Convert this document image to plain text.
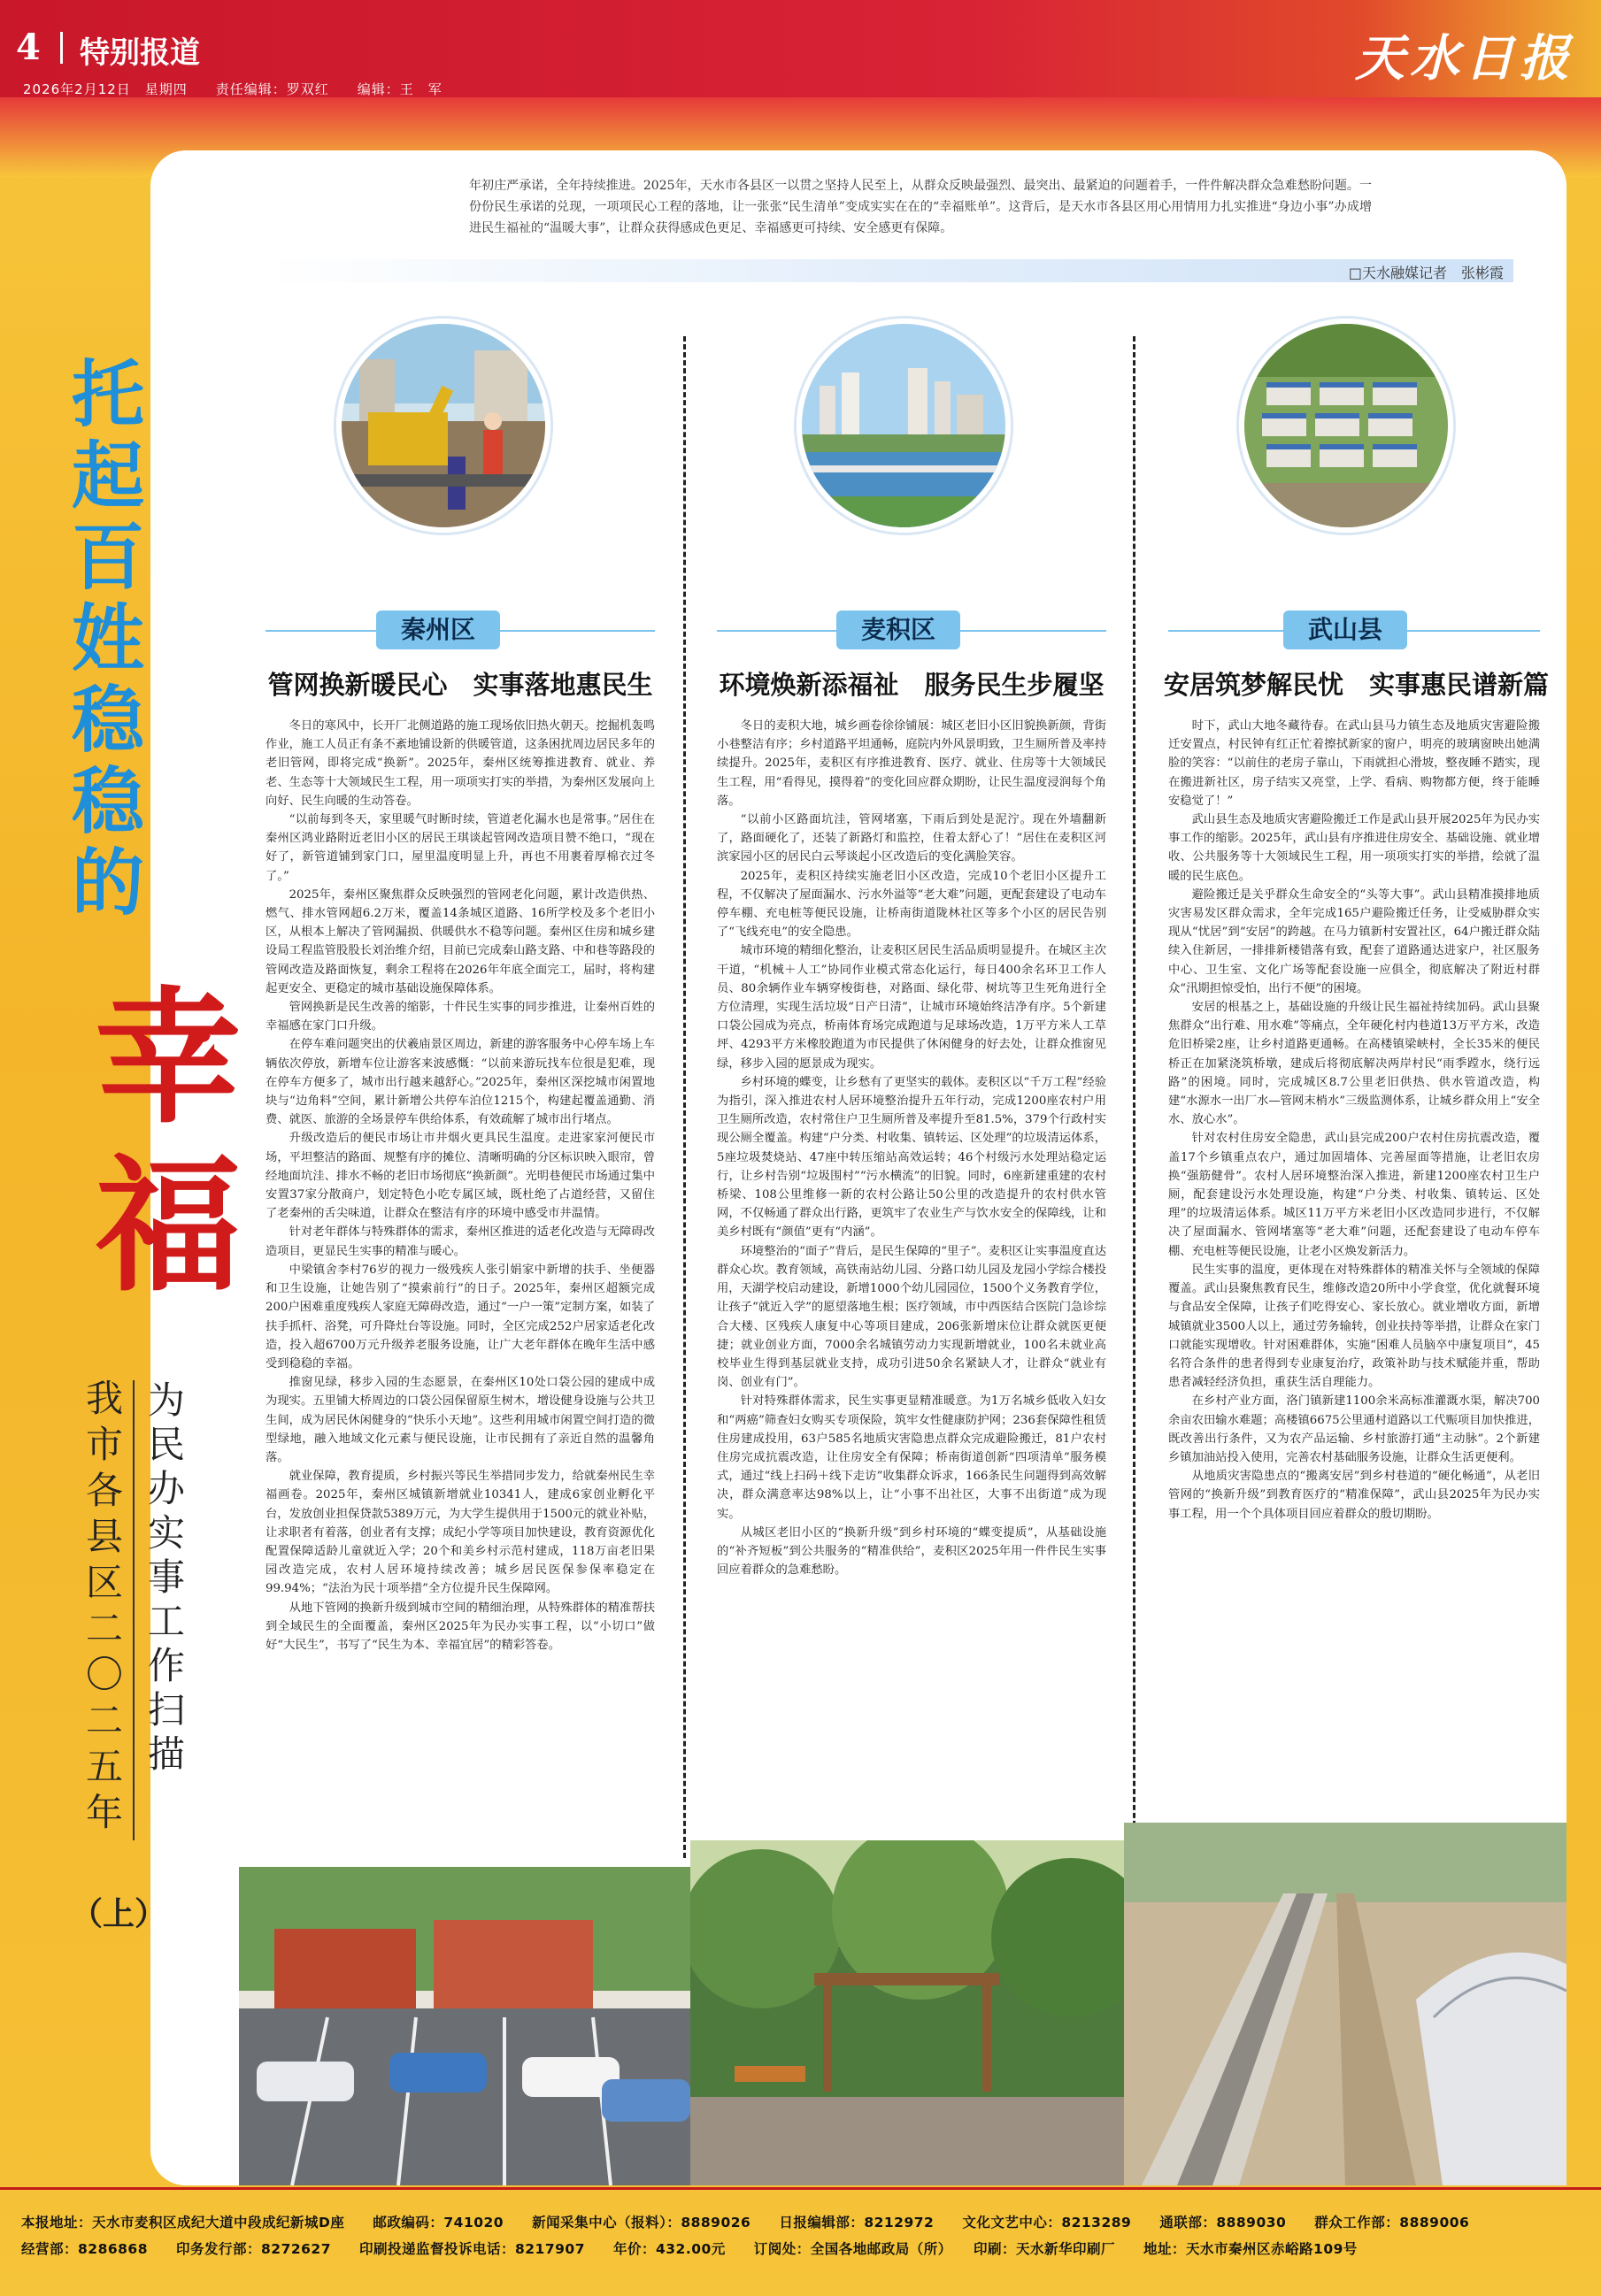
4 特别报道
2026年2月12日　星期四　　责任编辑：罗双红　　编辑：王　军
天水日报
年初庄严承诺，全年持续推进。2025年，天水市各县区一以贯之坚持人民至上，从群众反映最强烈、最突出、最紧迫的问题着手，一件件解决群众急难愁盼问题。一份份民生承诺的兑现，一项项民心工程的落地，让一张张“民生清单”变成实实在在的“幸福账单”。这背后，是天水市各县区用心用情用力扎实推进“身边小事”办成增进民生福祉的“温暖大事”，让群众获得感成色更足、幸福感更可持续、安全感更有保障。
□天水融媒记者　张彬霞
托起百姓稳稳的
幸福
为民办实事工作扫描
我市各县区二〇二五年
（上）
秦州区
管网换新暖民心　实事落地惠民生

冬日的寒风中，长开厂北侧道路的施工现场依旧热火朝天。挖掘机轰鸣作业，施工人员正有条不紊地铺设新的供暖管道，这条困扰周边居民多年的老旧管网，即将完成“换新”。2025年，秦州区统筹推进教育、就业、养老、生态等十大领域民生工程，用一项项实打实的举措，为秦州区发展向上向好、民生向暖的生动答卷。

“以前每到冬天，家里暖气时断时续，管道老化漏水也是常事。”居住在秦州区鸿业路附近老旧小区的居民王琪谈起管网改造项目赞不绝口，“现在好了，新管道铺到家门口，屋里温度明显上升，再也不用裹着厚棉衣过冬了。”

2025年，秦州区聚焦群众反映强烈的管网老化问题，累计改造供热、燃气、排水管网超6.2万米，覆盖14条城区道路、16所学校及多个老旧小区，从根本上解决了管网漏损、供暖供水不稳等问题。秦州区住房和城乡建设局工程监管股股长刘治维介绍，目前已完成秦山路支路、中和巷等路段的管网改造及路面恢复，剩余工程将在2026年年底全面完工，届时，将构建起更安全、更稳定的城市基础设施保障体系。

管网换新是民生改善的缩影，十件民生实事的同步推进，让秦州百姓的幸福感在家门口升级。

在停车难问题突出的伏羲庙景区周边，新建的游客服务中心停车场上车辆依次停放，新增车位让游客来波感慨：“以前来游玩找车位很是犯难，现在停车方便多了，城市出行越来越舒心。”2025年，秦州区深挖城市闲置地块与“边角料”空间，累计新增公共停车泊位1215个，构建起覆盖通勤、消费、就医、旅游的全场景停车供给体系，有效疏解了城市出行堵点。

升级改造后的便民市场让市井烟火更具民生温度。走进家家河便民市场，平坦整洁的路面、规整有序的摊位、清晰明确的分区标识映入眼帘，曾经地面坑洼、排水不畅的老旧市场彻底“换新颜”。光明巷便民市场通过集中安置37家分散商户，划定特色小吃专属区域，既杜绝了占道经营，又留住了老秦州的舌尖味道，让群众在整洁有序的环境中感受市井温情。

针对老年群体与特殊群体的需求，秦州区推进的适老化改造与无障碍改造项目，更显民生实事的精准与暖心。

中梁镇舍李村76岁的视力一级残疾人张引娟家中新增的扶手、坐便器和卫生设施，让她告别了“摸索前行”的日子。2025年，秦州区超额完成200户困难重度残疾人家庭无障碍改造，通过“一户一策”定制方案，如装了扶手抓杆、浴凳，可升降灶台等设施。同时，全区完成252户居家适老化改造，投入超6700万元升级养老服务设施，让广大老年群体在晚年生活中感受到稳稳的幸福。

推窗见绿，移步入园的生态愿景，在秦州区10处口袋公园的建成中成为现实。五里铺大桥周边的口袋公园保留原生树木，增设健身设施与公共卫生间，成为居民休闲健身的“快乐小天地”。这些利用城市闲置空间打造的微型绿地，融入地域文化元素与便民设施，让市民拥有了亲近自然的温馨角落。

就业保障，教育提质，乡村振兴等民生举措同步发力，给就秦州民生幸福画卷。2025年，秦州区城镇新增就业10341人，建成6家创业孵化平台，发放创业担保贷款5389万元，为大学生提供用于1500元的就业补贴，让求职者有着落，创业者有支撑；成纪小学等项目加快建设，教育资源优化配置保障适龄儿童就近入学；20个和美乡村示范村建成，118万亩老旧果园改造完成，农村人居环境持续改善；城乡居民医保参保率稳定在99.94%；“法治为民十项举措”全方位提升民生保障网。

从地下管网的换新升级到城市空间的精细治理，从特殊群体的精准帮扶到全域民生的全面覆盖，秦州区2025年为民办实事工程，以“小切口”做好“大民生”，书写了“民生为本、幸福宜居”的精彩答卷。

麦积区
环境焕新添福祉　服务民生步履坚

冬日的麦积大地，城乡画卷徐徐铺展：城区老旧小区旧貌换新颜，背街小巷整洁有序；乡村道路平坦通畅，庭院内外风景明致，卫生厕所普及率持续提升。2025年，麦积区有序推进教育、医疗、就业、住房等十大领域民生工程，用“看得见，摸得着”的变化回应群众期盼，让民生温度浸润每个角落。

“以前小区路面坑洼，管网堵塞，下雨后到处是泥泞。现在外墙翻新了，路面硬化了，还装了新路灯和监控，住着太舒心了！”居住在麦积区河滨家园小区的居民白云琴谈起小区改造后的变化满脸笑容。

2025年，麦积区持续实施老旧小区改造，完成10个老旧小区提升工程，不仅解决了屋面漏水、污水外溢等“老大难”问题，更配套建设了电动车停车棚、充电桩等便民设施，让桥南街道陇林社区等多个小区的居民告别了“飞线充电”的安全隐患。

城市环境的精细化整治，让麦积区居民生活品质明显提升。在城区主次干道，“机械＋人工”协同作业模式常态化运行，每日400余名环卫工作人员、80余辆作业车辆穿梭街巷，对路面、绿化带、树坑等卫生死角进行全方位清理，实现生活垃圾“日产日清”，让城市环境始终洁净有序。5个新建口袋公园成为亮点，桥南体育场完成跑道与足球场改造，1万平方米人工草坪、4293平方米橡胶跑道为市民提供了休闲健身的好去处，让群众推窗见绿，移步入园的愿景成为现实。

乡村环境的蝶变，让乡愁有了更坚实的载体。麦积区以“千万工程”经验为指引，深入推进农村人居环境整治提升五年行动，完成1200座农村户用卫生厕所改造，农村常住户卫生厕所普及率提升至81.5%，379个行政村实现公厕全覆盖。构建“户分类、村收集、镇转运、区处理”的垃圾清运体系，5座垃圾焚烧站、47座中转压缩站高效运转；46个村级污水处理站稳定运行，让乡村告别“垃圾围村”“污水横流”的旧貌。同时，6座新建重建的农村桥梁、108公里维修一新的农村公路让50公里的改造提升的农村供水管网，不仅畅通了群众出行路，更筑牢了农业生产与饮水安全的保障线，让和美乡村既有“颜值”更有“内涵”。

环境整治的“面子”背后，是民生保障的“里子”。麦积区让实事温度直达群众心坎。教育领域，高铁南站幼儿园、分路口幼儿园及龙园小学综合楼投用，天湖学校启动建设，新增1000个幼儿园园位，1500个义务教育学位，让孩子“就近入学”的愿望落地生根；医疗领域，市中西医结合医院门急诊综合大楼、区残疾人康复中心等项目建成，206张新增床位让群众就医更便捷；就业创业方面，7000余名城镇劳动力实现新增就业，100名未就业高校毕业生得到基层就业支持，成功引进50余名紧缺人才，让群众“就业有岗、创业有门”。

针对特殊群体需求，民生实事更显精准暖意。为1万名城乡低收入妇女和“两癌”筛查妇女购买专项保险，筑牢女性健康防护网；236套保障性租赁住房建成投用，63户585名地质灾害隐患点群众完成避险搬迁，81户农村住房完成抗震改造，让住房安全有保障；桥南街道创新“四项清单”服务模式，通过“线上扫码＋线下走访”收集群众诉求，166条民生问题得到高效解决，群众满意率达98%以上，让“小事不出社区，大事不出街道”成为现实。

从城区老旧小区的“换新升级”到乡村环境的“蝶变提质”，从基础设施的“补齐短板”到公共服务的“精准供给”，麦积区2025年用一件件民生实事回应着群众的急难愁盼。

武山县
安居筑梦解民忧　实事惠民谱新篇

时下，武山大地冬藏待春。在武山县马力镇生态及地质灾害避险搬迁安置点，村民钟有红正忙着擦拭新家的窗户，明亮的玻璃窗映出她满脸的笑容：“以前住的老房子靠山，下雨就担心滑坡，整夜睡不踏实，现在搬进新社区，房子结实又亮堂，上学、看病、购物都方便，终于能睡安稳觉了！”

武山县生态及地质灾害避险搬迁工作是武山县开展2025年为民办实事工作的缩影。2025年，武山县有序推进住房安全、基础设施、就业增收、公共服务等十大领域民生工程，用一项项实打实的举措，绘就了温暖的民生底色。

避险搬迁是关乎群众生命安全的“头等大事”。武山县精准摸排地质灾害易发区群众需求，全年完成165户避险搬迁任务，让受威胁群众实现从“忧居”到“安居”的跨越。在马力镇新村安置社区，64户搬迁群众陆续入住新居，一排排新楼错落有致，配套了道路通达进家户，社区服务中心、卫生室、文化广场等配套设施一应俱全，彻底解决了附近村群众“汛期担惊受怕，出行不便”的困境。

安居的根基之上，基础设施的升级让民生福祉持续加码。武山县聚焦群众“出行难、用水难”等痛点，全年硬化村内巷道13万平方米，改造危旧桥梁2座，让乡村道路更通畅。在高楼镇梁峡村，全长35米的便民桥正在加紧浇筑桥墩，建成后将彻底解决两岸村民“雨季蹚水，绕行远路”的困境。同时，完成城区8.7公里老旧供热、供水管道改造，构建“水源水一出厂水—管网末梢水”三级监测体系，让城乡群众用上“安全水、放心水”。

针对农村住房安全隐患，武山县完成200户农村住房抗震改造，覆盖17个乡镇重点农户，通过加固墙体、完善屋面等措施，让老旧农房换“强筋健骨”。农村人居环境整治深入推进，新建1200座农村卫生户厕，配套建设污水处理设施，构建“户分类、村收集、镇转运、区处理”的垃圾清运体系。城区11万平方米老旧小区改造同步进行，不仅解决了屋面漏水、管网堵塞等“老大难”问题，还配套建设了电动车停车棚、充电桩等便民设施，让老小区焕发新活力。

民生实事的温度，更体现在对特殊群体的精准关怀与全领域的保障覆盖。武山县聚焦教育民生，维修改造20所中小学食堂，优化就餐环境与食品安全保障，让孩子们吃得安心、家长放心。就业增收方面，新增城镇就业3500人以上，通过劳务输转，创业扶持等举措，让群众在家门口就能实现增收。针对困难群体，实施“困难人员脑卒中康复项目”，45名符合条件的患者得到专业康复治疗，政策补助与技术赋能并重，帮助患者减轻经济负担，重获生活自理能力。

在乡村产业方面，洛门镇新建1100余米高标准灌溉水渠，解决700余亩农田输水难题；高楼镇6675公里通村道路以工代赈项目加快推进，既改善出行条件，又为农产品运输、乡村旅游打通“主动脉”。2个新建乡镇加油站投入使用，完善农村基础服务设施，让群众生活更便利。

从地质灾害隐患点的“搬离安居”到乡村巷道的“硬化畅通”，从老旧管网的“换新升级”到教育医疗的“精准保障”，武山县2025年为民办实事工程，用一个个具体项目回应着群众的殷切期盼。

本报地址：天水市麦积区成纪大道中段成纪新城D座　　邮政编码：741020　　新闻采集中心（报料）：8889026　　日报编辑部：8212972　　文化文艺中心：8213289　　通联部：8889030　　群众工作部：8889006
经营部：8286868　　印务发行部：8272627　　印刷投递监督投诉电话：8217907　　年价：432.00元　　订阅处：全国各地邮政局（所）　　印刷：天水新华印刷厂　　地址：天水市秦州区赤峪路109号
